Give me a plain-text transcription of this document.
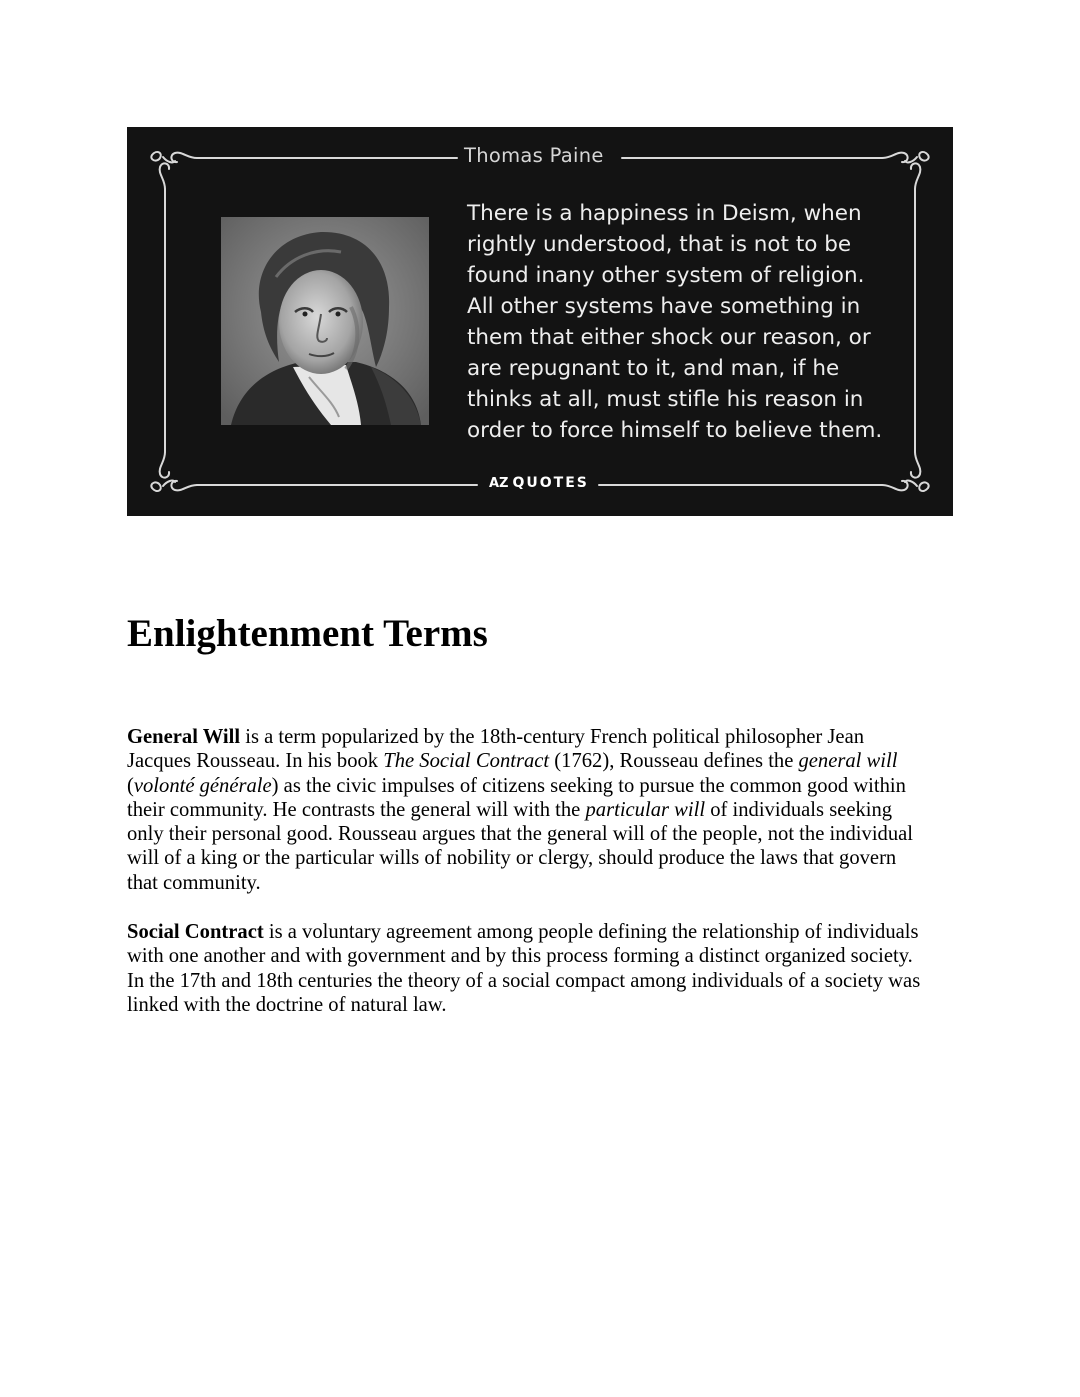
Thomas Paine
There is a happiness in Deism, when
rightly understood, that is not to be
found inany other system of religion.
All other systems have something in
them that either shock our reason, or
are repugnant to it, and man, if he
thinks at all, must stifle his reason in
order to force himself to believe them.
AZ QUOTES
Enlightenment Terms

General Will is a term popularized by the 18th-century French political philosopher Jean
Jacques Rousseau. In his book The Social Contract (1762), Rousseau defines the general will
(volonté générale) as the civic impulses of citizens seeking to pursue the common good within
their community. He contrasts the general will with the particular will of individuals seeking
only their personal good. Rousseau argues that the general will of the people, not the individual
will of a king or the particular wills of nobility or clergy, should produce the laws that govern
that community.

Social Contract is a voluntary agreement among people defining the relationship of individuals
with one another and with government and by this process forming a distinct organized society.
In the 17th and 18th centuries the theory of a social compact among individuals of a society was
linked with the doctrine of natural law.
